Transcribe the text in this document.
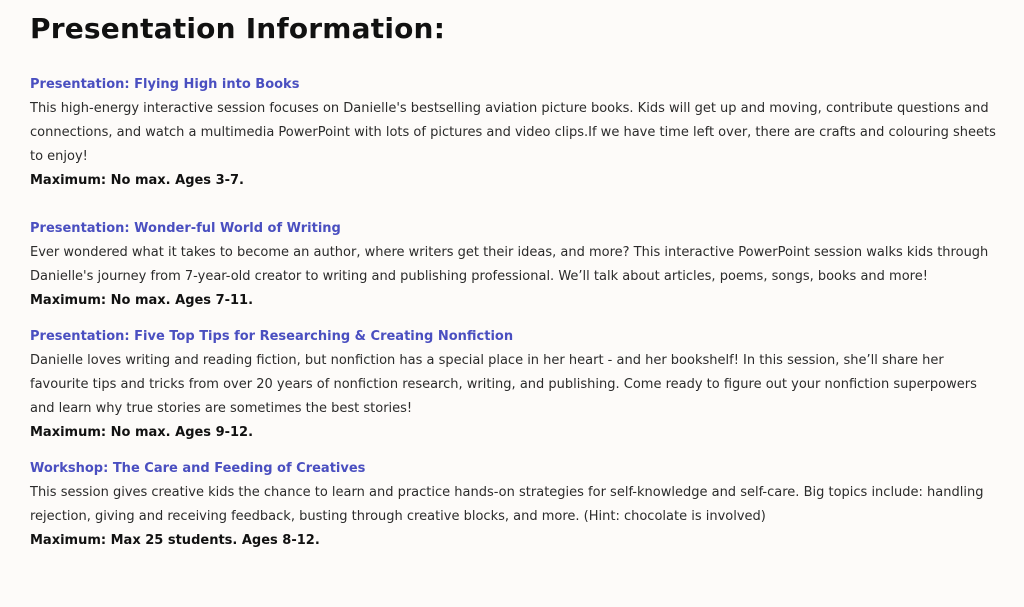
Presentation Information:
Presentation: Flying High into Books

This high-energy interactive session focuses on Danielle's bestselling aviation picture books. Kids will get up and moving, contribute questions and connections, and watch a multimedia PowerPoint with lots of pictures and video clips.If we have time left over, there are crafts and colouring sheets to enjoy!

Maximum: No max. Ages 3-7.

Presentation: Wonder-ful World of Writing

Ever wondered what it takes to become an author, where writers get their ideas, and more? This interactive PowerPoint session walks kids through Danielle's journey from 7-year-old creator to writing and publishing professional. We’ll talk about articles, poems, songs, books and more!

Maximum: No max. Ages 7-11.

Presentation: Five Top Tips for Researching & Creating Nonfiction

Danielle loves writing and reading fiction, but nonfiction has a special place in her heart - and her bookshelf! In this session, she’ll share her favourite tips and tricks from over 20 years of nonfiction research, writing, and publishing. Come ready to figure out your nonfiction superpowers and learn why true stories are sometimes the best stories!

Maximum: No max. Ages 9-12.

Workshop: The Care and Feeding of Creatives

This session gives creative kids the chance to learn and practice hands-on strategies for self-knowledge and self-care. Big topics include: handling rejection, giving and receiving feedback, busting through creative blocks, and more. (Hint: chocolate is involved)

Maximum: Max 25 students. Ages 8-12.
